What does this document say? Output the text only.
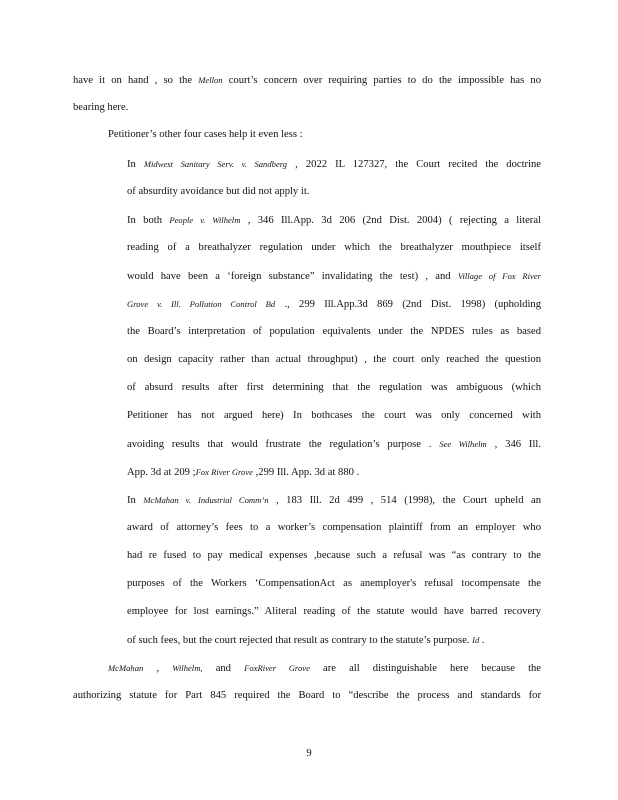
have it on hand , so the Mellon court’s concern over requiring parties to do the impossible has no
bearing here.
Petitioner’s other four cases help it even less :
In Midwest Sanitary Serv. v. Sandberg , 2022 IL 127327, the Court recited the doctrine
of absurdity avoidance but did not apply it.
In both People v. Wilhelm , 346 Ill.App. 3d 206 (2nd Dist. 2004) ( rejecting a literal
reading of a breathalyzer regulation under which the breathalyzer mouthpiece itself
would have been a ‘foreign substance” invalidating the test) , and Village of Fox River
Grove v. Ill. Pollution Control Bd ., 299 Ill.App.3d 869 (2nd Dist. 1998) (upholding
the Board’s interpretation of population equivalents under the NPDES rules as based
on design capacity rather than actual throughput) , the court only reached the question
of absurd results after first determining that the regulation was ambiguous (which
Petitioner has not argued here) In bothcases the court was only concerned with
avoiding results that would frustrate the regulation’s purpose . See Wilhelm , 346 Ill.
App. 3d at 209 ;Fox River Grove ,299 Ill. App. 3d at 880 .
In McMahan v. Industrial Comm’n , 183 Ill. 2d 499 , 514 (1998), the Court upheld an
award of attorney’s fees to a worker’s compensation plaintiff from an employer who
had re fused to pay medical expenses ,because such a refusal was “as contrary to the
purposes of the Workers ‘CompensationAct as anemployer's refusal tocompensate the
employee for lost earnings.” Aliteral reading of the statute would have barred recovery
of such fees, but the court rejected that result as contrary to the statute’s purpose. Id .
McMahan , Wilhelm, and FoxRiver Grove are all distinguishable here because the
authorizing statute for Part 845 required the Board to “describe the process and standards for
9
